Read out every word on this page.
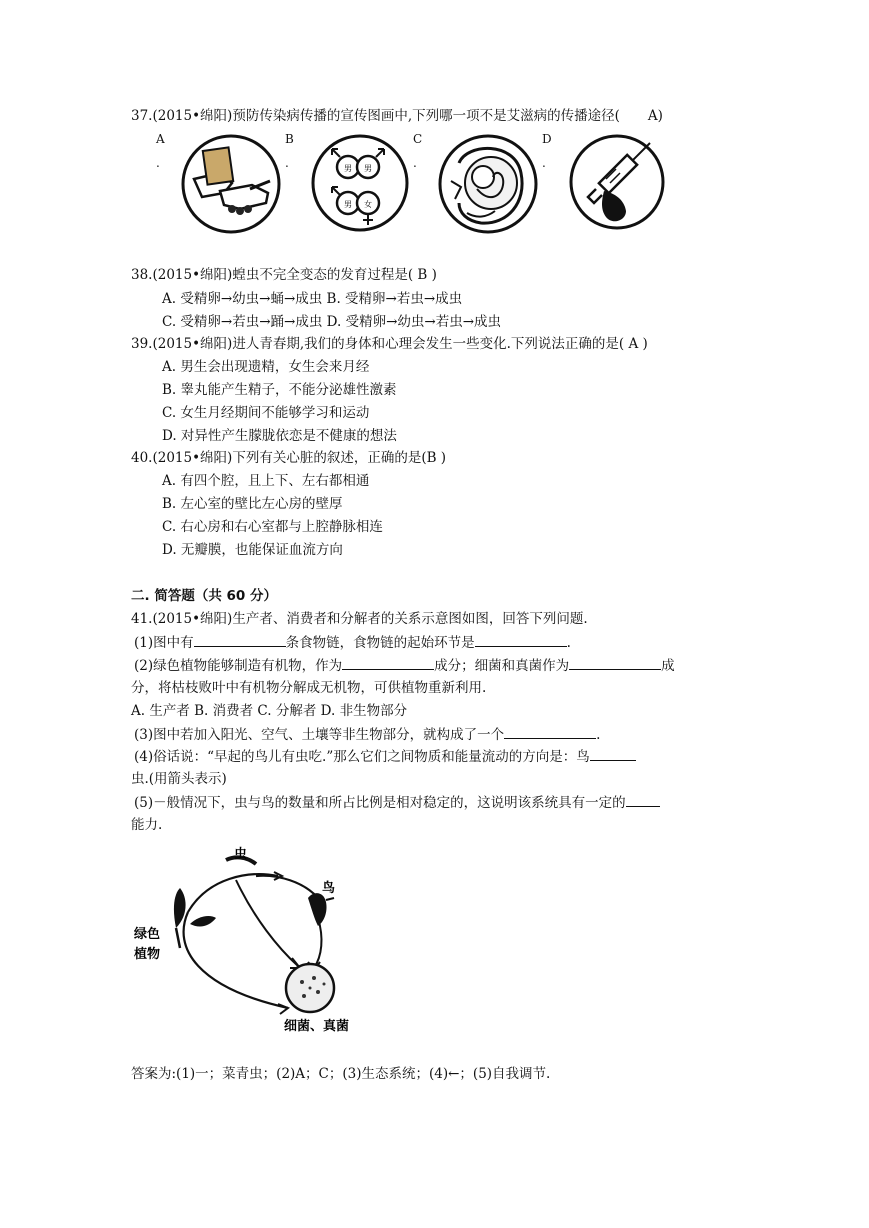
37.(2015•绵阳)预防传染病传播的宣传图画中,下列哪一项不是艾滋病的传播途径( A)
A
.
B
.
C
.
D
.
男 男
男 女
38.(2015•绵阳)蝗虫不完全变态的发育过程是( B )
A. 受精卵→幼虫→蛹→成虫 B. 受精卵→若虫→成虫
C. 受精卵→若虫→踊→成虫 D. 受精卵→幼虫→若虫→成虫
39.(2015•绵阳)进人青春期,我们的身体和心理会发生一些变化.下列说法正确的是( A )
A. 男生会出现遗精，女生会来月经
B. 睾丸能产生精子，不能分泌雄性激素
C. 女生月经期间不能够学习和运动
D. 对异性产生朦胧依恋是不健康的想法
40.(2015•绵阳)下列有关心脏的叙述，正确的是(B )
A. 有四个腔，且上下、左右都相通
B. 左心室的壁比左心房的壁厚
C. 右心房和右心室都与上腔静脉相连
D. 无瓣膜，也能保证血流方向
二. 简答题（共 60 分）
41.(2015•绵阳)生产者、消费者和分解者的关系示意图如图，回答下列问题.
(1)图中有	条食物链，食物链的起始环节是	.
(2)绿色植物能够制造有机物，作为	成分；细菌和真菌作为	成
分，将枯枝败叶中有机物分解成无机物，可供植物重新利用.
A. 生产者 B. 消费者 C. 分解者 D. 非生物部分
(3)图中若加入阳光、空气、土壤等非生物部分，就构成了一个	.
(4)俗话说：“早起的鸟儿有虫吃.”那么它们之间物质和能量流动的方向是：鸟
虫.(用箭头表示)
(5)－般情况下，虫与鸟的数量和所占比例是相对稳定的，这说明该系统具有一定的
能力.
虫
鸟
绿色
植物
细菌、真菌
答案为:(1)一；菜青虫；(2)A；C；(3)生态系统；(4)←；(5)自我调节.
